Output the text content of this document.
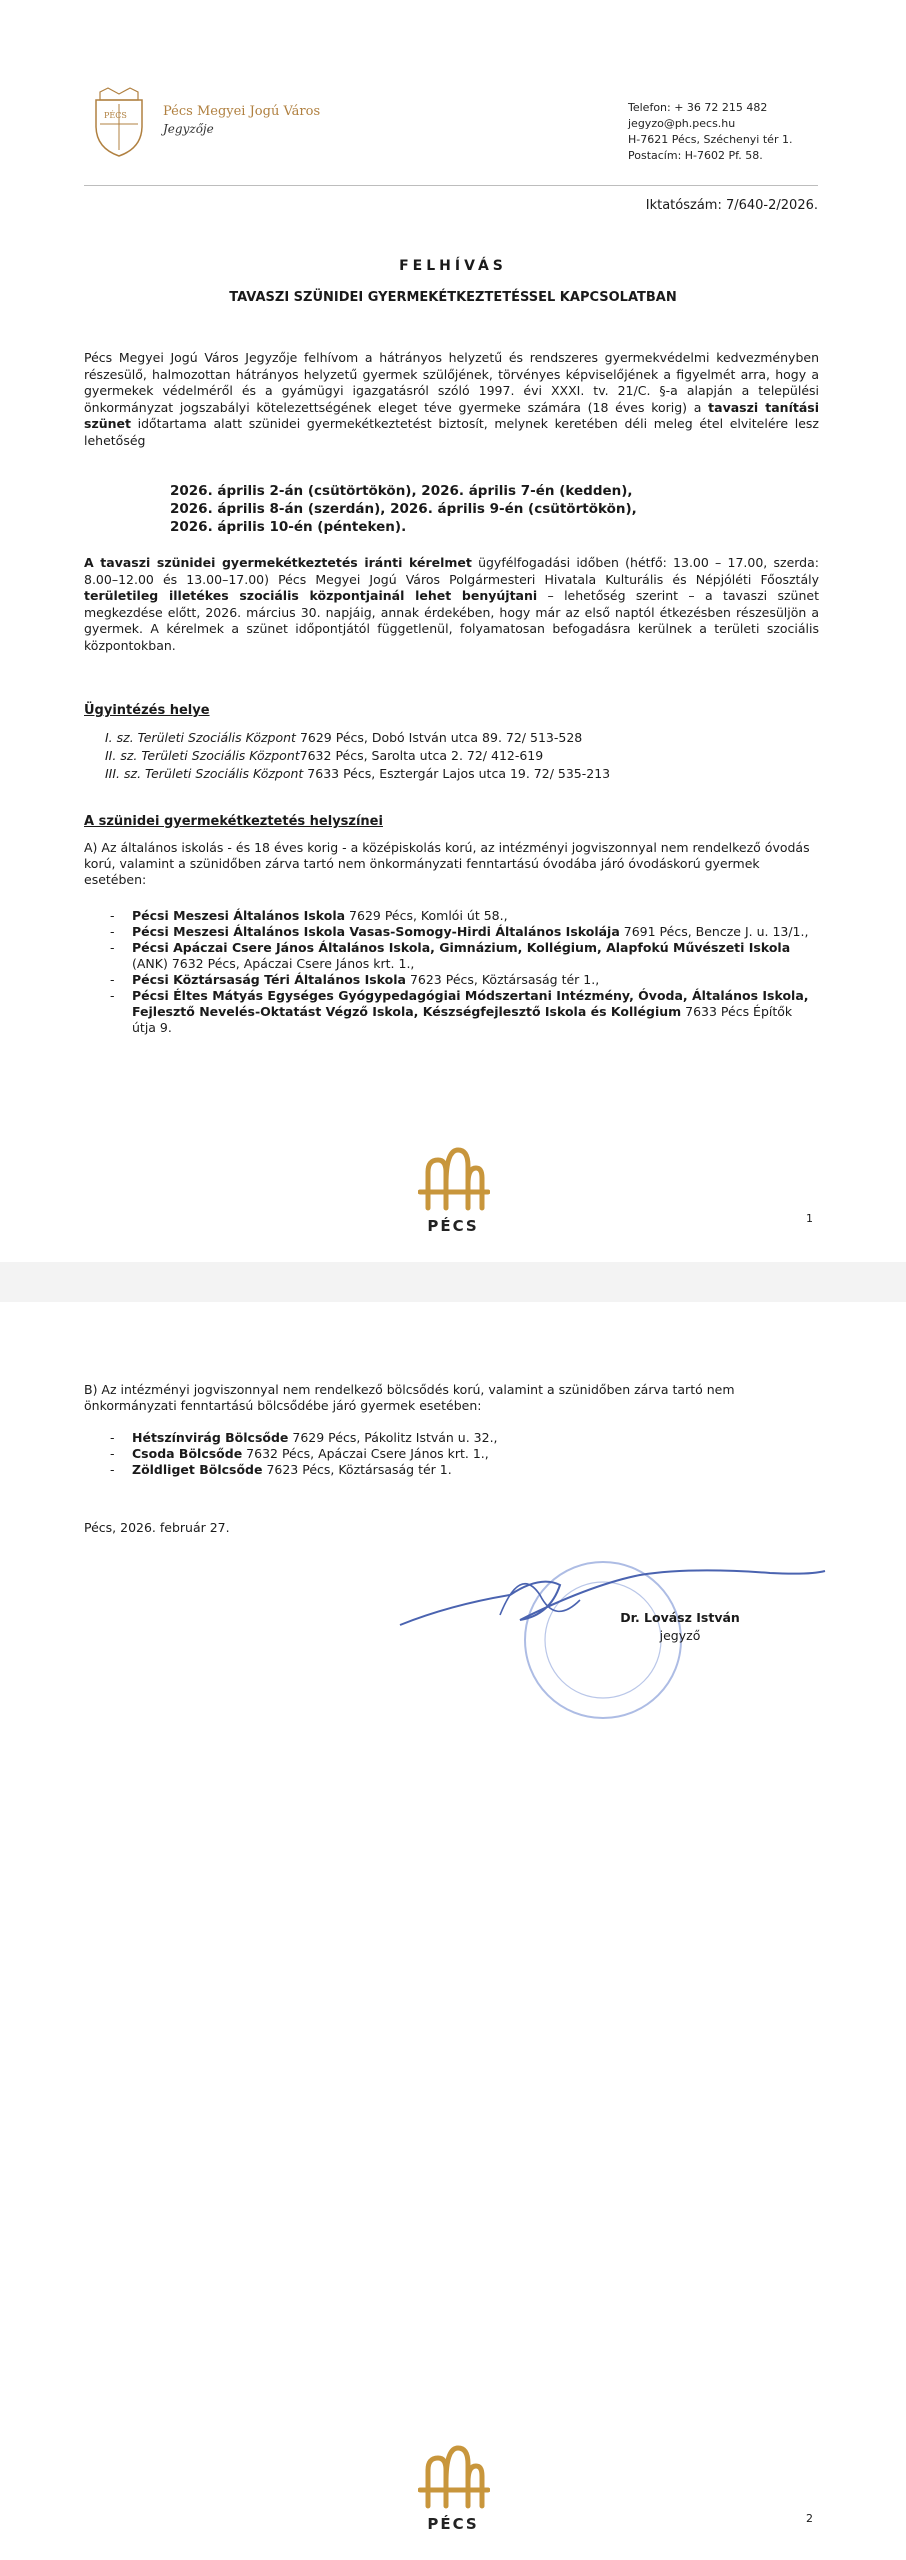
PÉCS	Pécs Megyei Jogú Város
Jegyzője
Telefon: + 36 72 215 482
jegyzo@ph.pecs.hu
H-7621 Pécs, Széchenyi tér 1.
Postacím: H-7602 Pf. 58.
Iktatószám: 7/640-2/2026.
FELHÍVÁS
TAVASZI SZÜNIDEI GYERMEKÉTKEZTETÉSSEL KAPCSOLATBAN
Pécs Megyei Jogú Város Jegyzője felhívom a hátrányos helyzetű és rendszeres gyermekvédelmi kedvezményben részesülő, halmozottan hátrányos helyzetű gyermek szülőjének, törvényes képviselőjének a figyelmét arra, hogy a gyermekek védelméről és a gyámügyi igazgatásról szóló 1997. évi XXXI. tv. 21/C. §-a alapján a települési önkormányzat jogszabályi kötelezettségének eleget téve gyermeke számára (18 éves korig) a tavaszi tanítási szünet időtartama alatt szünidei gyermekétkeztetést biztosít, melynek keretében déli meleg étel elvitelére lesz lehetőség
2026. április 2-án (csütörtökön), 2026. április 7-én (kedden),
2026. április 8-án (szerdán), 2026. április 9-én (csütörtökön),
2026. április 10-én (pénteken).
A tavaszi szünidei gyermekétkeztetés iránti kérelmet ügyfélfogadási időben (hétfő: 13.00 – 17.00, szerda: 8.00–12.00 és 13.00–17.00) Pécs Megyei Jogú Város Polgármesteri Hivatala Kulturális és Népjóléti Főosztály területileg illetékes szociális központjainál lehet benyújtani – lehetőség szerint – a tavaszi szünet megkezdése előtt, 2026. március 30. napjáig, annak érdekében, hogy már az első naptól étkezésben részesüljön a gyermek. A kérelmek a szünet időpontjától függetlenül, folyamatosan befogadásra kerülnek a területi szociális központokban.
Ügyintézés helye
I. sz. Területi Szociális Központ 7629 Pécs, Dobó István utca 89. 72/ 513-528
II. sz. Területi Szociális Központ7632 Pécs, Sarolta utca 2. 72/ 412-619
III. sz. Területi Szociális Központ 7633 Pécs, Esztergár Lajos utca 19. 72/ 535-213
A szünidei gyermekétkeztetés helyszínei
A) Az általános iskolás - és 18 éves korig - a középiskolás korú, az intézményi jogviszonnyal nem rendelkező óvodás korú, valamint a szünidőben zárva tartó nem önkormányzati fenntartású óvodába járó óvodáskorú gyermek esetében:

- Pécsi Meszesi Általános Iskola 7629 Pécs, Komlói út 58.,

- Pécsi Meszesi Általános Iskola Vasas-Somogy-Hirdi Általános Iskolája 7691 Pécs, Bencze J. u. 13/1.,

- Pécsi Apáczai Csere János Általános Iskola, Gimnázium, Kollégium, Alapfokú Művészeti Iskola (ANK) 7632 Pécs, Apáczai Csere János krt. 1.,

- Pécsi Köztársaság Téri Általános Iskola 7623 Pécs, Köztársaság tér 1.,

- Pécsi Éltes Mátyás Egységes Gyógypedagógiai Módszertani Intézmény, Óvoda, Általános Iskola, Fejlesztő Nevelés-Oktatást Végző Iskola, Készségfejlesztő Iskola és Kollégium 7633 Pécs Építők útja 9.

PÉCS	1
B) Az intézményi jogviszonnyal nem rendelkező bölcsődés korú, valamint a szünidőben zárva tartó nem önkormányzati fenntartású bölcsődébe járó gyermek esetében:

- Hétszínvirág Bölcsőde 7629 Pécs, Pákolitz István u. 32.,

- Csoda Bölcsőde 7632 Pécs, Apáczai Csere János krt. 1.,

- Zöldliget Bölcsőde 7623 Pécs, Köztársaság tér 1.

Pécs, 2026. február 27.
Dr. Lovász István
jegyző
PÉCS	2
